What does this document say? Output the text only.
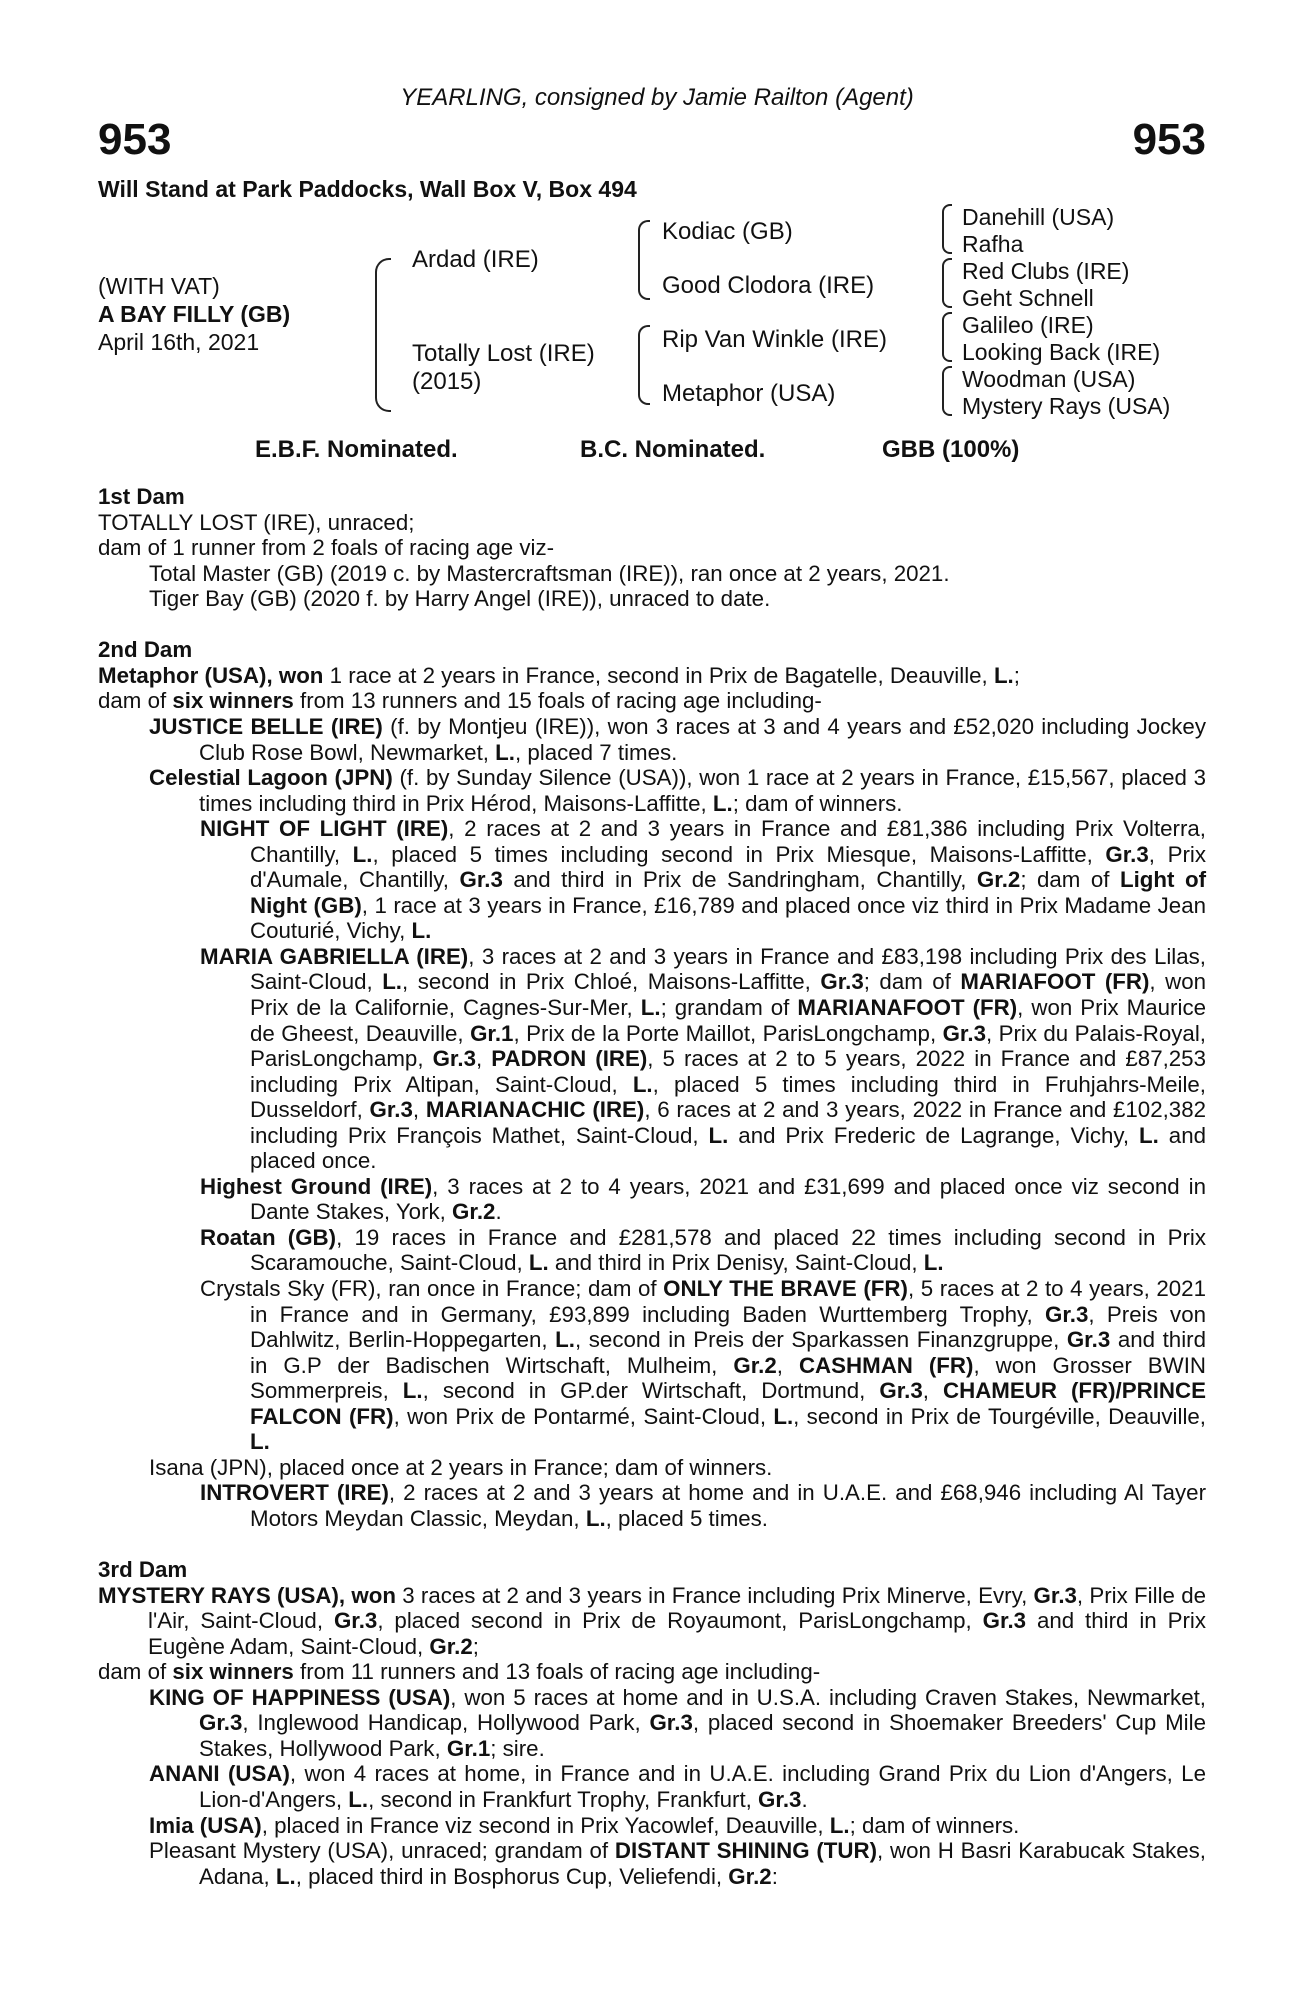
YEARLING, consigned by Jamie Railton (Agent)
953	953
Will Stand at Park Paddocks, Wall Box V, Box 494
(WITH VAT)
A BAY FILLY (GB)
April 16th, 2021
Ardad (IRE)
Totally Lost (IRE)
(2015)
Kodiac (GB)
Good Clodora (IRE)
Rip Van Winkle (IRE)
Metaphor (USA)
Danehill (USA)
Rafha
Red Clubs (IRE)
Geht Schnell
Galileo (IRE)
Looking Back (IRE)
Woodman (USA)
Mystery Rays (USA)
E.B.F. Nominated.	B.C. Nominated.	GBB (100%)
1st Dam

TOTALLY LOST (IRE), unraced;

dam of 1 runner from 2 foals of racing age viz-

Total Master (GB) (2019 c. by Mastercraftsman (IRE)), ran once at 2 years, 2021.

Tiger Bay (GB) (2020 f. by Harry Angel (IRE)), unraced to date.

2nd Dam

Metaphor (USA), won 1 race at 2 years in France, second in Prix de Bagatelle, Deauville, L.;

dam of six winners from 13 runners and 15 foals of racing age including-

JUSTICE BELLE (IRE) (f. by Montjeu (IRE)), won 3 races at 3 and 4 years and £52,020 including Jockey Club Rose Bowl, Newmarket, L., placed 7 times.

Celestial Lagoon (JPN) (f. by Sunday Silence (USA)), won 1 race at 2 years in France, £15,567, placed 3 times including third in Prix Hérod, Maisons-Laffitte, L.; dam of winners.

NIGHT OF LIGHT (IRE), 2 races at 2 and 3 years in France and £81,386 including Prix Volterra, Chantilly, L., placed 5 times including second in Prix Miesque, Maisons-Laffitte, Gr.3, Prix d'Aumale, Chantilly, Gr.3 and third in Prix de Sandringham, Chantilly, Gr.2; dam of Light of Night (GB), 1 race at 3 years in France, £16,789 and placed once viz third in Prix Madame Jean Couturié, Vichy, L.

MARIA GABRIELLA (IRE), 3 races at 2 and 3 years in France and £83,198 including Prix des Lilas, Saint-Cloud, L., second in Prix Chloé, Maisons-Laffitte, Gr.3; dam of MARIAFOOT (FR), won Prix de la Californie, Cagnes-Sur-Mer, L.; grandam of MARIANAFOOT (FR), won Prix Maurice de Gheest, Deauville, Gr.1, Prix de la Porte Maillot, ParisLongchamp, Gr.3, Prix du Palais-Royal, ParisLongchamp, Gr.3, PADRON (IRE), 5 races at 2 to 5 years, 2022 in France and £87,253 including Prix Altipan, Saint-Cloud, L., placed 5 times including third in Fruhjahrs-Meile, Dusseldorf, Gr.3, MARIANACHIC (IRE), 6 races at 2 and 3 years, 2022 in France and £102,382 including Prix François Mathet, Saint-Cloud, L. and Prix Frederic de Lagrange, Vichy, L. and placed once.

Highest Ground (IRE), 3 races at 2 to 4 years, 2021 and £31,699 and placed once viz second in Dante Stakes, York, Gr.2.

Roatan (GB), 19 races in France and £281,578 and placed 22 times including second in Prix Scaramouche, Saint-Cloud, L. and third in Prix Denisy, Saint-Cloud, L.

Crystals Sky (FR), ran once in France; dam of ONLY THE BRAVE (FR), 5 races at 2 to 4 years, 2021 in France and in Germany, £93,899 including Baden Wurttemberg Trophy, Gr.3, Preis von Dahlwitz, Berlin-Hoppegarten, L., second in Preis der Sparkassen Finanzgruppe, Gr.3 and third in G.P der Badischen Wirtschaft, Mulheim, Gr.2, CASHMAN (FR), won Grosser BWIN Sommerpreis, L., second in GP.der Wirtschaft, Dortmund, Gr.3, CHAMEUR (FR)/PRINCE FALCON (FR), won Prix de Pontarmé, Saint-Cloud, L., second in Prix de Tourgéville, Deauville, L.

Isana (JPN), placed once at 2 years in France; dam of winners.

INTROVERT (IRE), 2 races at 2 and 3 years at home and in U.A.E. and £68,946 including Al Tayer Motors Meydan Classic, Meydan, L., placed 5 times.

3rd Dam

MYSTERY RAYS (USA), won 3 races at 2 and 3 years in France including Prix Minerve, Evry, Gr.3, Prix Fille de l'Air, Saint-Cloud, Gr.3, placed second in Prix de Royaumont, ParisLongchamp, Gr.3 and third in Prix Eugène Adam, Saint-Cloud, Gr.2;

dam of six winners from 11 runners and 13 foals of racing age including-

KING OF HAPPINESS (USA), won 5 races at home and in U.S.A. including Craven Stakes, Newmarket, Gr.3, Inglewood Handicap, Hollywood Park, Gr.3, placed second in Shoemaker Breeders' Cup Mile Stakes, Hollywood Park, Gr.1; sire.

ANANI (USA), won 4 races at home, in France and in U.A.E. including Grand Prix du Lion d'Angers, Le Lion-d'Angers, L., second in Frankfurt Trophy, Frankfurt, Gr.3.

Imia (USA), placed in France viz second in Prix Yacowlef, Deauville, L.; dam of winners.

Pleasant Mystery (USA), unraced; grandam of DISTANT SHINING (TUR), won H Basri Karabucak Stakes, Adana, L., placed third in Bosphorus Cup, Veliefendi, Gr.2:
